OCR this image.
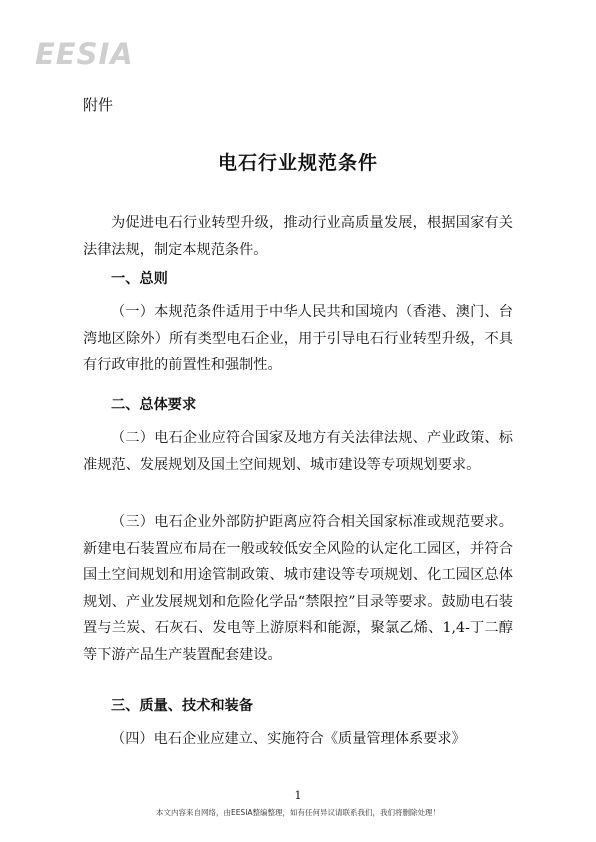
EESIA
附件
电石行业规范条件
为促进电石行业转型升级，推动行业高质量发展，根据国家有关法律法规，制定本规范条件。
一、总则
（一）本规范条件适用于中华人民共和国境内（香港、澳门、台湾地区除外）所有类型电石企业，用于引导电石行业转型升级，不具有行政审批的前置性和强制性。
二、总体要求
（二）电石企业应符合国家及地方有关法律法规、产业政策、标准规范、发展规划及国土空间规划、城市建设等专项规划要求。
（三）电石企业外部防护距离应符合相关国家标准或规范要求。新建电石装置应布局在一般或较低安全风险的认定化工园区，并符合国土空间规划和用途管制政策、城市建设等专项规划、化工园区总体规划、产业发展规划和危险化学品“禁限控”目录等要求。鼓励电石装置与兰炭、石灰石、发电等上游原料和能源，聚氯乙烯、1,4-丁二醇等下游产品生产装置配套建设。
三、质量、技术和装备
（四）电石企业应建立、实施符合《质量管理体系要求》
1
本文内容来自网络，由EESIA整编整理，如有任何异议请联系我们，我们将删除处理！
